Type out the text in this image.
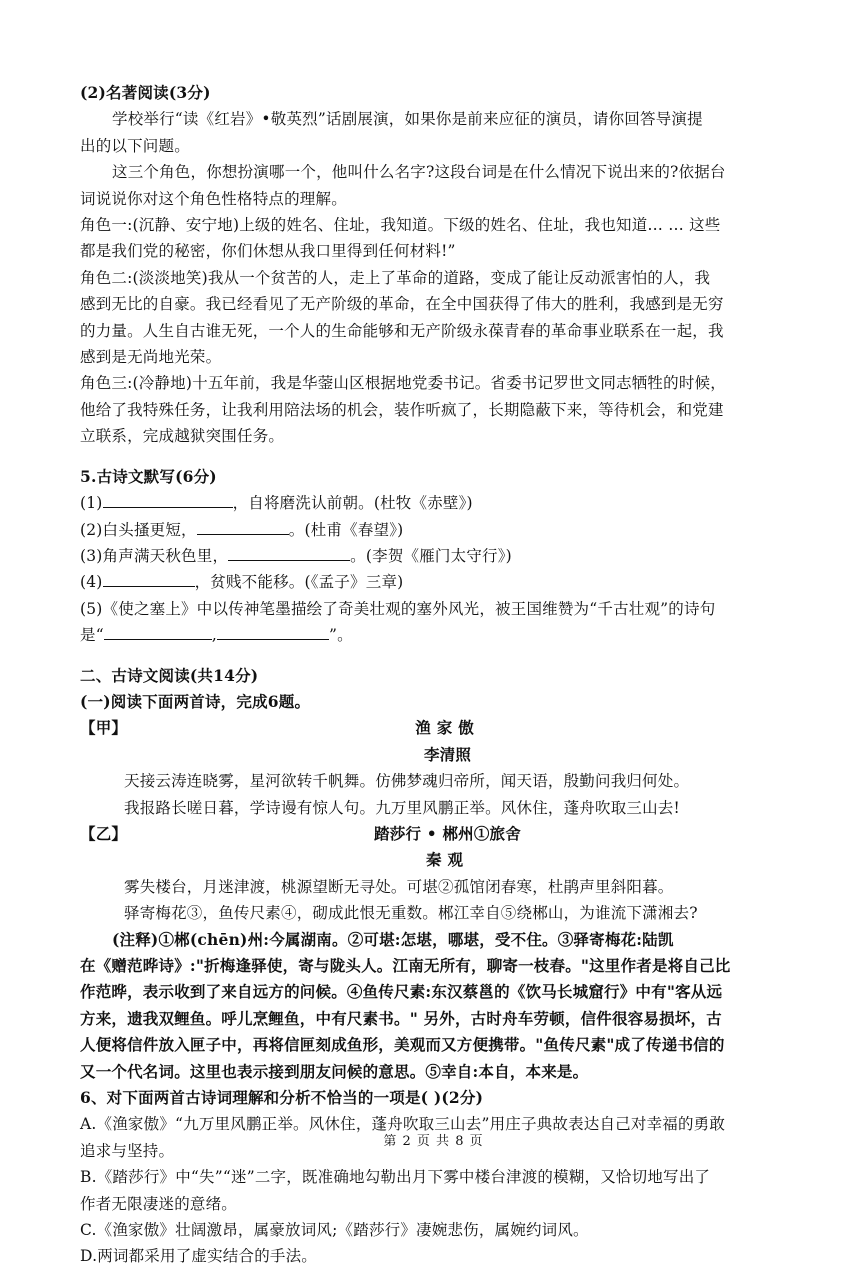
(2)名著阅读(3分)
学校举行“读《红岩》•敬英烈”话剧展演，如果你是前来应征的演员，请你回答导演提
出的以下问题。
这三个角色，你想扮演哪一个，他叫什么名字?这段台词是在什么情况下说出来的?依据台
词说说你对这个角色性格特点的理解。
角色一:(沉静、安宁地)上级的姓名、住址，我知道。下级的姓名、住址，我也知道… … 这些
都是我们党的秘密，你们休想从我口里得到任何材料!”
角色二:(淡淡地笑)我从一个贫苦的人，走上了革命的道路，变成了能让反动派害怕的人，我
感到无比的自豪。我已经看见了无产阶级的革命，在全中国获得了伟大的胜利，我感到是无穷
的力量。人生自古谁无死，一个人的生命能够和无产阶级永葆青春的革命事业联系在一起，我
感到是无尚地光荣。
角色三:(冷静地)十五年前，我是华蓥山区根据地党委书记。省委书记罗世文同志牺牲的时候，
他给了我特殊任务，让我利用陪法场的机会，装作听疯了，长期隐蔽下来，等待机会，和党建
立联系，完成越狱突围任务。
5.古诗文默写(6分)
(1)	，自将磨洗认前朝。(杜牧《赤壁》)
(2)白头搔更短，	。(杜甫《春望》)
(3)角声满天秋色里，	。(李贺《雁门太守行》)
(4)	，贫贱不能移。(《孟子》三章)
(5)《使之塞上》中以传神笔墨描绘了奇美壮观的塞外风光，被王国维赞为“千古壮观”的诗句
是“	,	”。
二、古诗文阅读(共14分)
(一)阅读下面两首诗，完成6题。
【甲】	渔家傲
李清照
天接云涛连晓雾，星河欲转千帆舞。仿佛梦魂归帝所，闻天语，殷勤问我归何处。
我报路长嗟日暮，学诗谩有惊人句。九万里风鹏正举。风休住，蓬舟吹取三山去!
【乙】	踏莎行 • 郴州①旅舍
秦观
雾失楼台，月迷津渡，桃源望断无寻处。可堪②孤馆闭春寒，杜鹃声里斜阳暮。
驿寄梅花③，鱼传尺素④，砌成此恨无重数。郴江幸自⑤绕郴山，为谁流下潇湘去?
(注释)①郴(chēn)州:今属湖南。②可堪:怎堪，哪堪，受不住。③驿寄梅花:陆凯
在《赠范晔诗》:"折梅逢驿使，寄与陇头人。江南无所有，聊寄一枝春。"这里作者是将自己比
作范晔，表示收到了来自远方的问候。④鱼传尺素:东汉蔡邕的《饮马长城窟行》中有"客从远
方来，遗我双鲤鱼。呼儿烹鲤鱼，中有尺素书。" 另外，古时舟车劳顿，信件很容易损坏，古
人便将信件放入匣子中，再将信匣刻成鱼形，美观而又方便携带。"鱼传尺素"成了传递书信的
又一个代名词。这里也表示接到朋友问候的意思。⑤幸自:本自，本来是。
6、对下面两首古诗词理解和分析不恰当的一项是( )(2分)
A.《渔家傲》“九万里风鹏正举。风休住，蓬舟吹取三山去”用庄子典故表达自己对幸福的勇敢
追求与坚持。
B.《踏莎行》中“失”“迷”二字，既准确地勾勒出月下雾中楼台津渡的模糊，又恰切地写出了
作者无限凄迷的意绪。
C.《渔家傲》壮阔激昂，属豪放词风;《踏莎行》凄婉悲伤，属婉约词风。
D.两词都采用了虚实结合的手法。
第 2 页 共 8 页
